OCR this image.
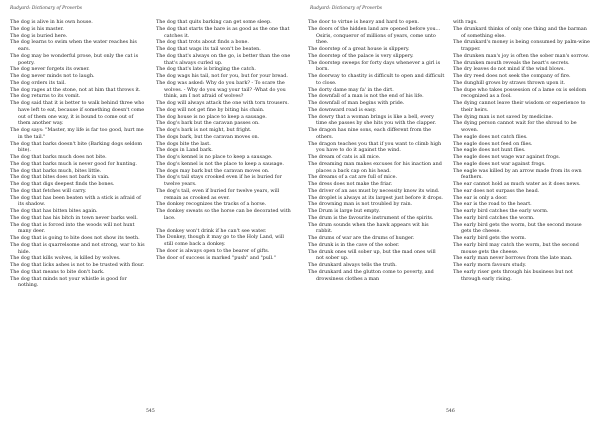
Rudyard: Dictionary of Proverbs

The dog is alive in his own house.

The dog is his master.

The dog is buried here.

The dog learns to swim when the water reaches his ears.

The dog may be wonderful prose, but only the cat is poetry.

The dog never forgets its owner.

The dog never minds not to laugh.

The dog orders its tail.

The dog rages at the stone, not at him that throws it.

The dog returns to its vomit.

The dog said that it is better to walk behind three who have left to eat, because if something doesn't come out of them one way, it is bound to come out of them another way.

The dog says: "Master, my life is far too good, hurt me in the tail."

The dog that barks doesn't bite (Barking dogs seldom bite).

The dog that barks much does not bite.

The dog that barks much is never good for hunting.

The dog that barks much, bites little.

The dog that bites does not bark in vain.

The dog that digs deepest finds the bones.

The dog that fetches will carry.

The dog that has been beaten with a stick is afraid of its shadow.

The dog that has bitten bites again.

The dog that has his bitch in town never barks well.

The dog that is forced into the woods will not hunt many deer.

The dog that is going to bite does not show its teeth.

The dog that is quarrelsome and not strong, war to his hide.

The dog that kills wolves, is killed by wolves.

The dog that licks ashes is not to be trusted with flour.

The dog that means to bite don't bark.

The dog that minds not your whistle is good for nothing.

The dog that quits barking can get some sleep.

The dog that starts the hare is as good as the one that catches it.

The dog that trots about finds a bone.

The dog that wags its tail won't be beaten.

The dog that's always on the go, is better than the one that's always curled up.

The dog that's late is bringing the catch.

The dog wags his tail, not for you, but for your bread.

The dog was asked: Why do you bark? - To scare the wolves. - Why do you wag your tail? -What do you think, am I not afraid of wolves?

The dog will always attack the one with torn trousers.

The dog will not get fine by biting his chain.

The dog house is no place to keep a sausage.

The dog's bark but the caravan passes on.

The dog's bark is not might, but fright.

The dogs bark, but the caravan moves on.

The dogs bite the last.

The dogs in Land bark.

The dog's kennel is no place to keep a sausage.

The dog's kennel is not the place to keep a sausage.

The dogs may bark but the caravan moves on.

The dog's tail stays crooked even if he is buried for twelve years.

The dog's tail, even if buried for twelve years, will remain as crooked as ever.

The donkey recognizes the tracks of a horse.

The donkey sweats so the horse can be decorated with lace.

The donkey won't drink if he can't see water.

The Donkey, though it may go to the Holy Land, will still come back a donkey.

The door is always open to the bearer of gifts.

The door of success is marked "push" and "pull."

545
Rudyard: Dictionary of Proverbs

The door to virtue is heavy and hard to open.

The doors of the hidden land are opened before you... Osiris, conqueror of millions of years, come unto thee.

The doorstep of a great house is slippery.

The doorstep of the palace is very slippery.

The doorstep sweeps for forty days whenever a girl is born.

The doorway to chastity is difficult to open and difficult to close.

The dorty dame may fa' in the dirt.

The downfall of a man is not the end of his life.

The downfall of man begins with pride.

The downward road is easy.

The dowry that a woman brings is like a bell, every time she passes by she hits you with the clapper.

The dragon has nine sons, each different from the others.

The dragon teaches you that if you want to climb high you have to do it against the wind.

The dream of cats is all mice.

The dreaming man makes excuses for his inaction and places a back cap on his head.

The dreams of a cat are full of mice.

The dress does not make the friar.

The driver of an ass must by necessity know its wind.

The droplet is always at its largest just before it drops.

The drowning man is not troubled by rain.

The Drum is large but empty.

The drum is the favourite instrument of the spirits.

The drum sounds when the hawk appears wit his rabbit.

The drums of war are the drums of hunger.

The drunk is in the cave of the sober.

The drunk ones will sober up, but the mad ones will not sober up.

The drunkard always tells the truth.

The drunkard and the glutton come to poverty, and drowsiness clothes a man

with rags.

The drunkard thinks of only one thing and the barman of something else.

The drunkard's money is being consumed by palm-wine trapper.

The drunken man's joy is often the sober man's sorrow.

The drunken mouth reveals the heart's secrets.

The dry leaves do not mind if the wind blows.

The dry reed does not seek the company of fire.

The dunghill grows by straws thrown upon it.

The dupe who takes possession of a lame ox is seldom recognized as a fool.

The dying cannot leave their wisdom or experience to their heirs.

The dying man is not saved by medicine.

The dying person cannot wait for the shroud to be woven.

The eagle does not catch flies.

The eagle does not feed on flies.

The eagle does not hunt flies.

The eagle does not wage war against frogs.

The eagle does not war against frogs.

The eagle was killed by an arrow made from its own feathers.

The ear cannot hold as much water as it does news.

The ear does not surpass the head.

The ear is only a door.

The ear is the road to the heart.

The early bird catches the early worm.

The early bird catches the worm.

The early bird gets the worm, but the second mouse gets the cheese.

The early bird gets the worm.

The early bird may catch the worm, but the second mouse gets the cheese.

The early man never borrows from the late man.

The early morn favours study.

The early riser gets through his business but not through early rising.

546
